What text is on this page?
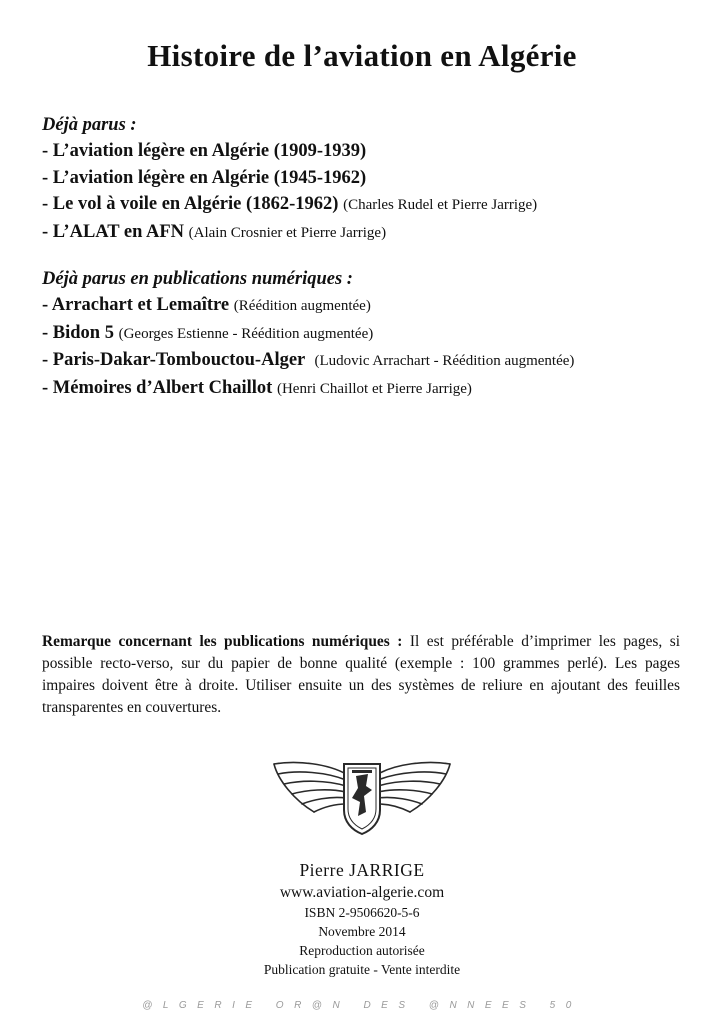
Histoire de l’aviation en Algérie
Déjà parus :
- L’aviation légère en Algérie (1909-1939)
- L’aviation légère en Algérie (1945-1962)
- Le vol à voile en Algérie (1862-1962) (Charles Rudel et Pierre Jarrige)
- L’ALAT en AFN (Alain Crosnier et Pierre Jarrige)
Déjà parus en publications numériques :
- Arrachart et Lemaître (Réédition augmentée)
- Bidon 5 (Georges Estienne - Réédition augmentée)
- Paris-Dakar-Tombouctou-Alger (Ludovic Arrachart - Réédition augmentée)
- Mémoires d’Albert Chaillot (Henri Chaillot et Pierre Jarrige)
Remarque concernant les publications numériques : Il est préférable d’imprimer les pages, si possible recto-verso, sur du papier de bonne qualité (exemple : 100 grammes perlé). Les pages impaires doivent être à droite. Utiliser ensuite un des systèmes de reliure en ajoutant des feuilles transparentes en couvertures.
Pierre JARRIGE
www.aviation-algerie.com
ISBN 2-9506620-5-6
Novembre 2014
Reproduction autorisée
Publication gratuite - Vente interdite
@LGERIE OR@N DES @NNEES 50
